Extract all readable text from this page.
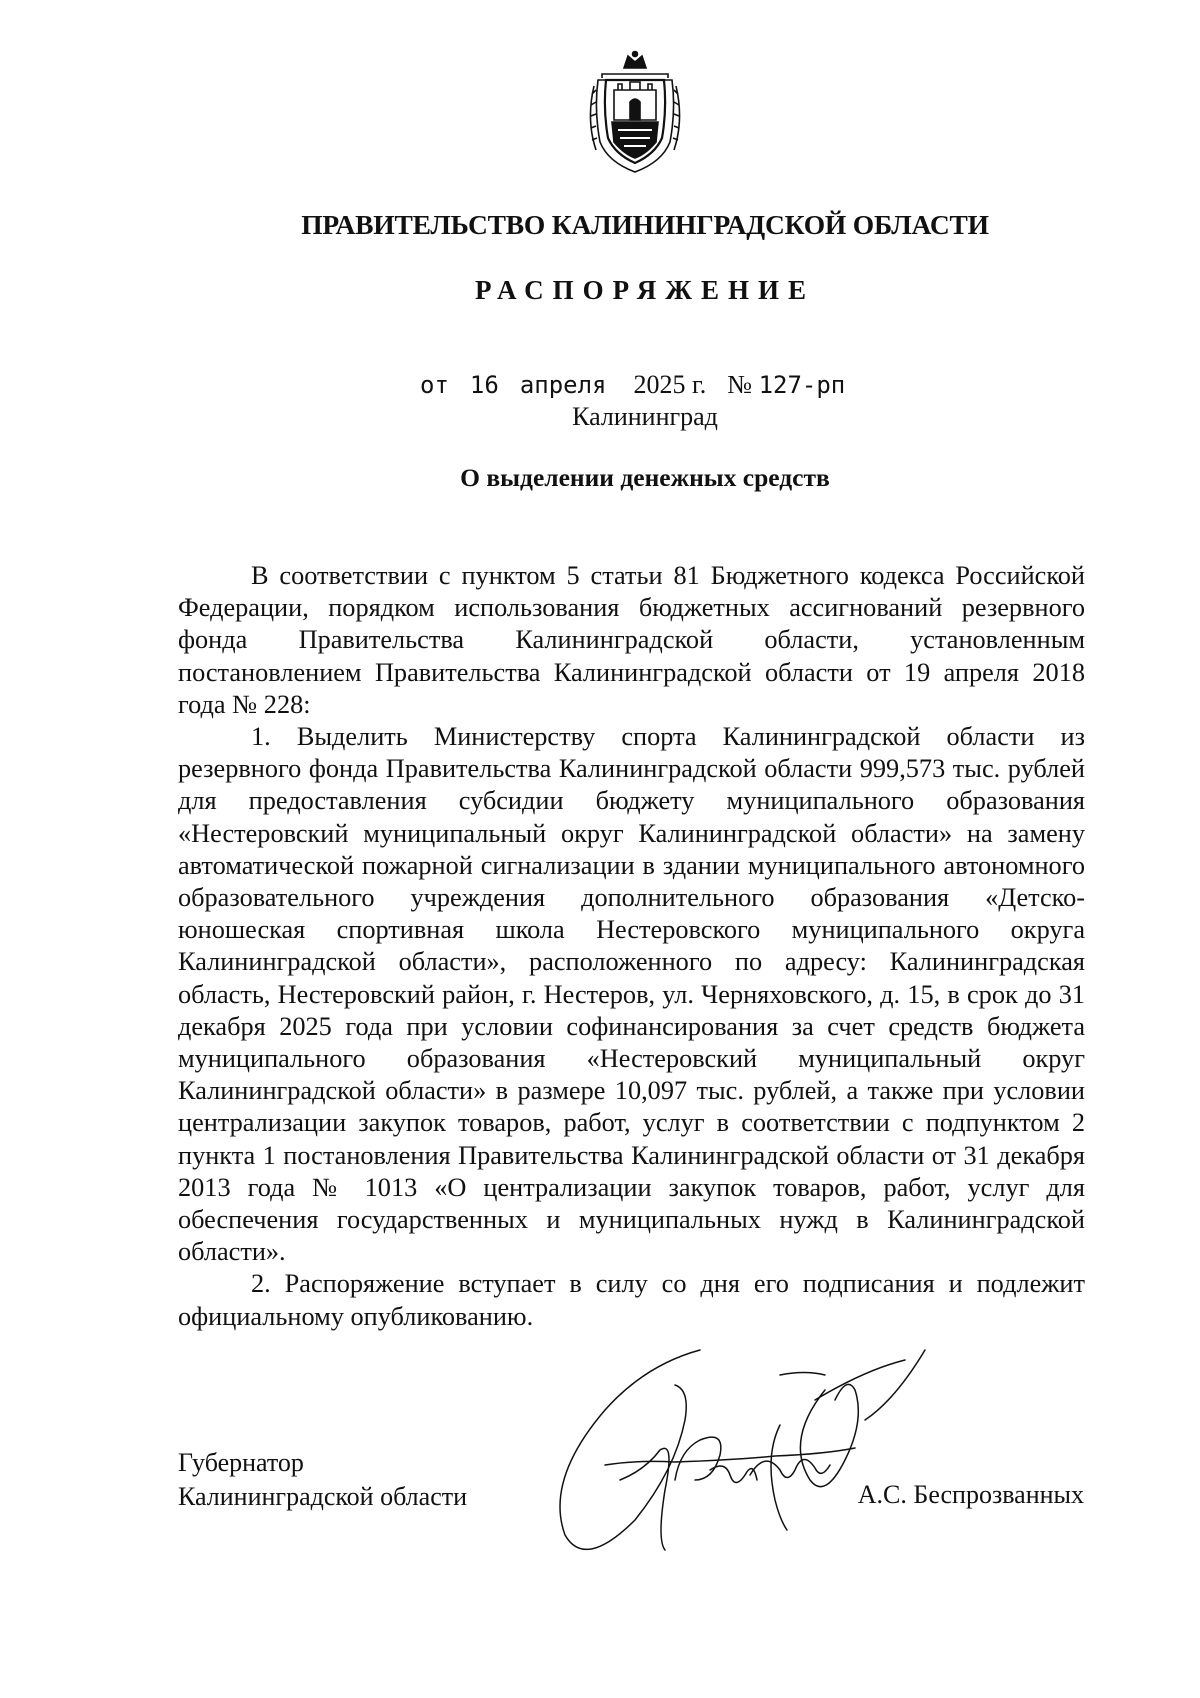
ПРАВИТЕЛЬСТВО КАЛИНИНГРАДСКОЙ ОБЛАСТИ
РАСПОРЯЖЕНИЕ
от 16 апреля 2025 г. № 127-рп
Калининград
О выделении денежных средств

В соответствии с пунктом 5 статьи 81 Бюджетного кодекса Российской Федерации, порядком использования бюджетных ассигнований резервного фонда Правительства Калининградской области, установленным постановлением Правительства Калининградской области от 19 апреля 2018 года № 228:

1. Выделить Министерству спорта Калининградской области из резервного фонда Правительства Калининградской области 999,573 тыс. рублей для предоставления субсидии бюджету муниципального образования «Нестеровский муниципальный округ Калининградской области» на замену автоматической пожарной сигнализации в здании муниципального автономного образовательного учреждения дополнительного образования «Детско-юношеская спортивная школа Нестеровского муниципального округа Калининградской области», расположенного по адресу: Калининградская область, Нестеровский район, г. Нестеров, ул. Черняховского, д. 15, в срок до 31 декабря 2025 года при условии софинансирования за счет средств бюджета муниципального образования «Нестеровский муниципальный округ Калининградской области» в размере 10,097 тыс. рублей, а также при условии централизации закупок товаров, работ, услуг в соответствии с подпунктом 2 пункта 1 постановления Правительства Калининградской области от 31 декабря 2013 года № 1013 «О централизации закупок товаров, работ, услуг для обеспечения государственных и муниципальных нужд в Калининградской области».

2. Распоряжение вступает в силу со дня его подписания и подлежит официальному опубликованию.

Губернатор
Калининградской области	А.С. Беспрозванных
